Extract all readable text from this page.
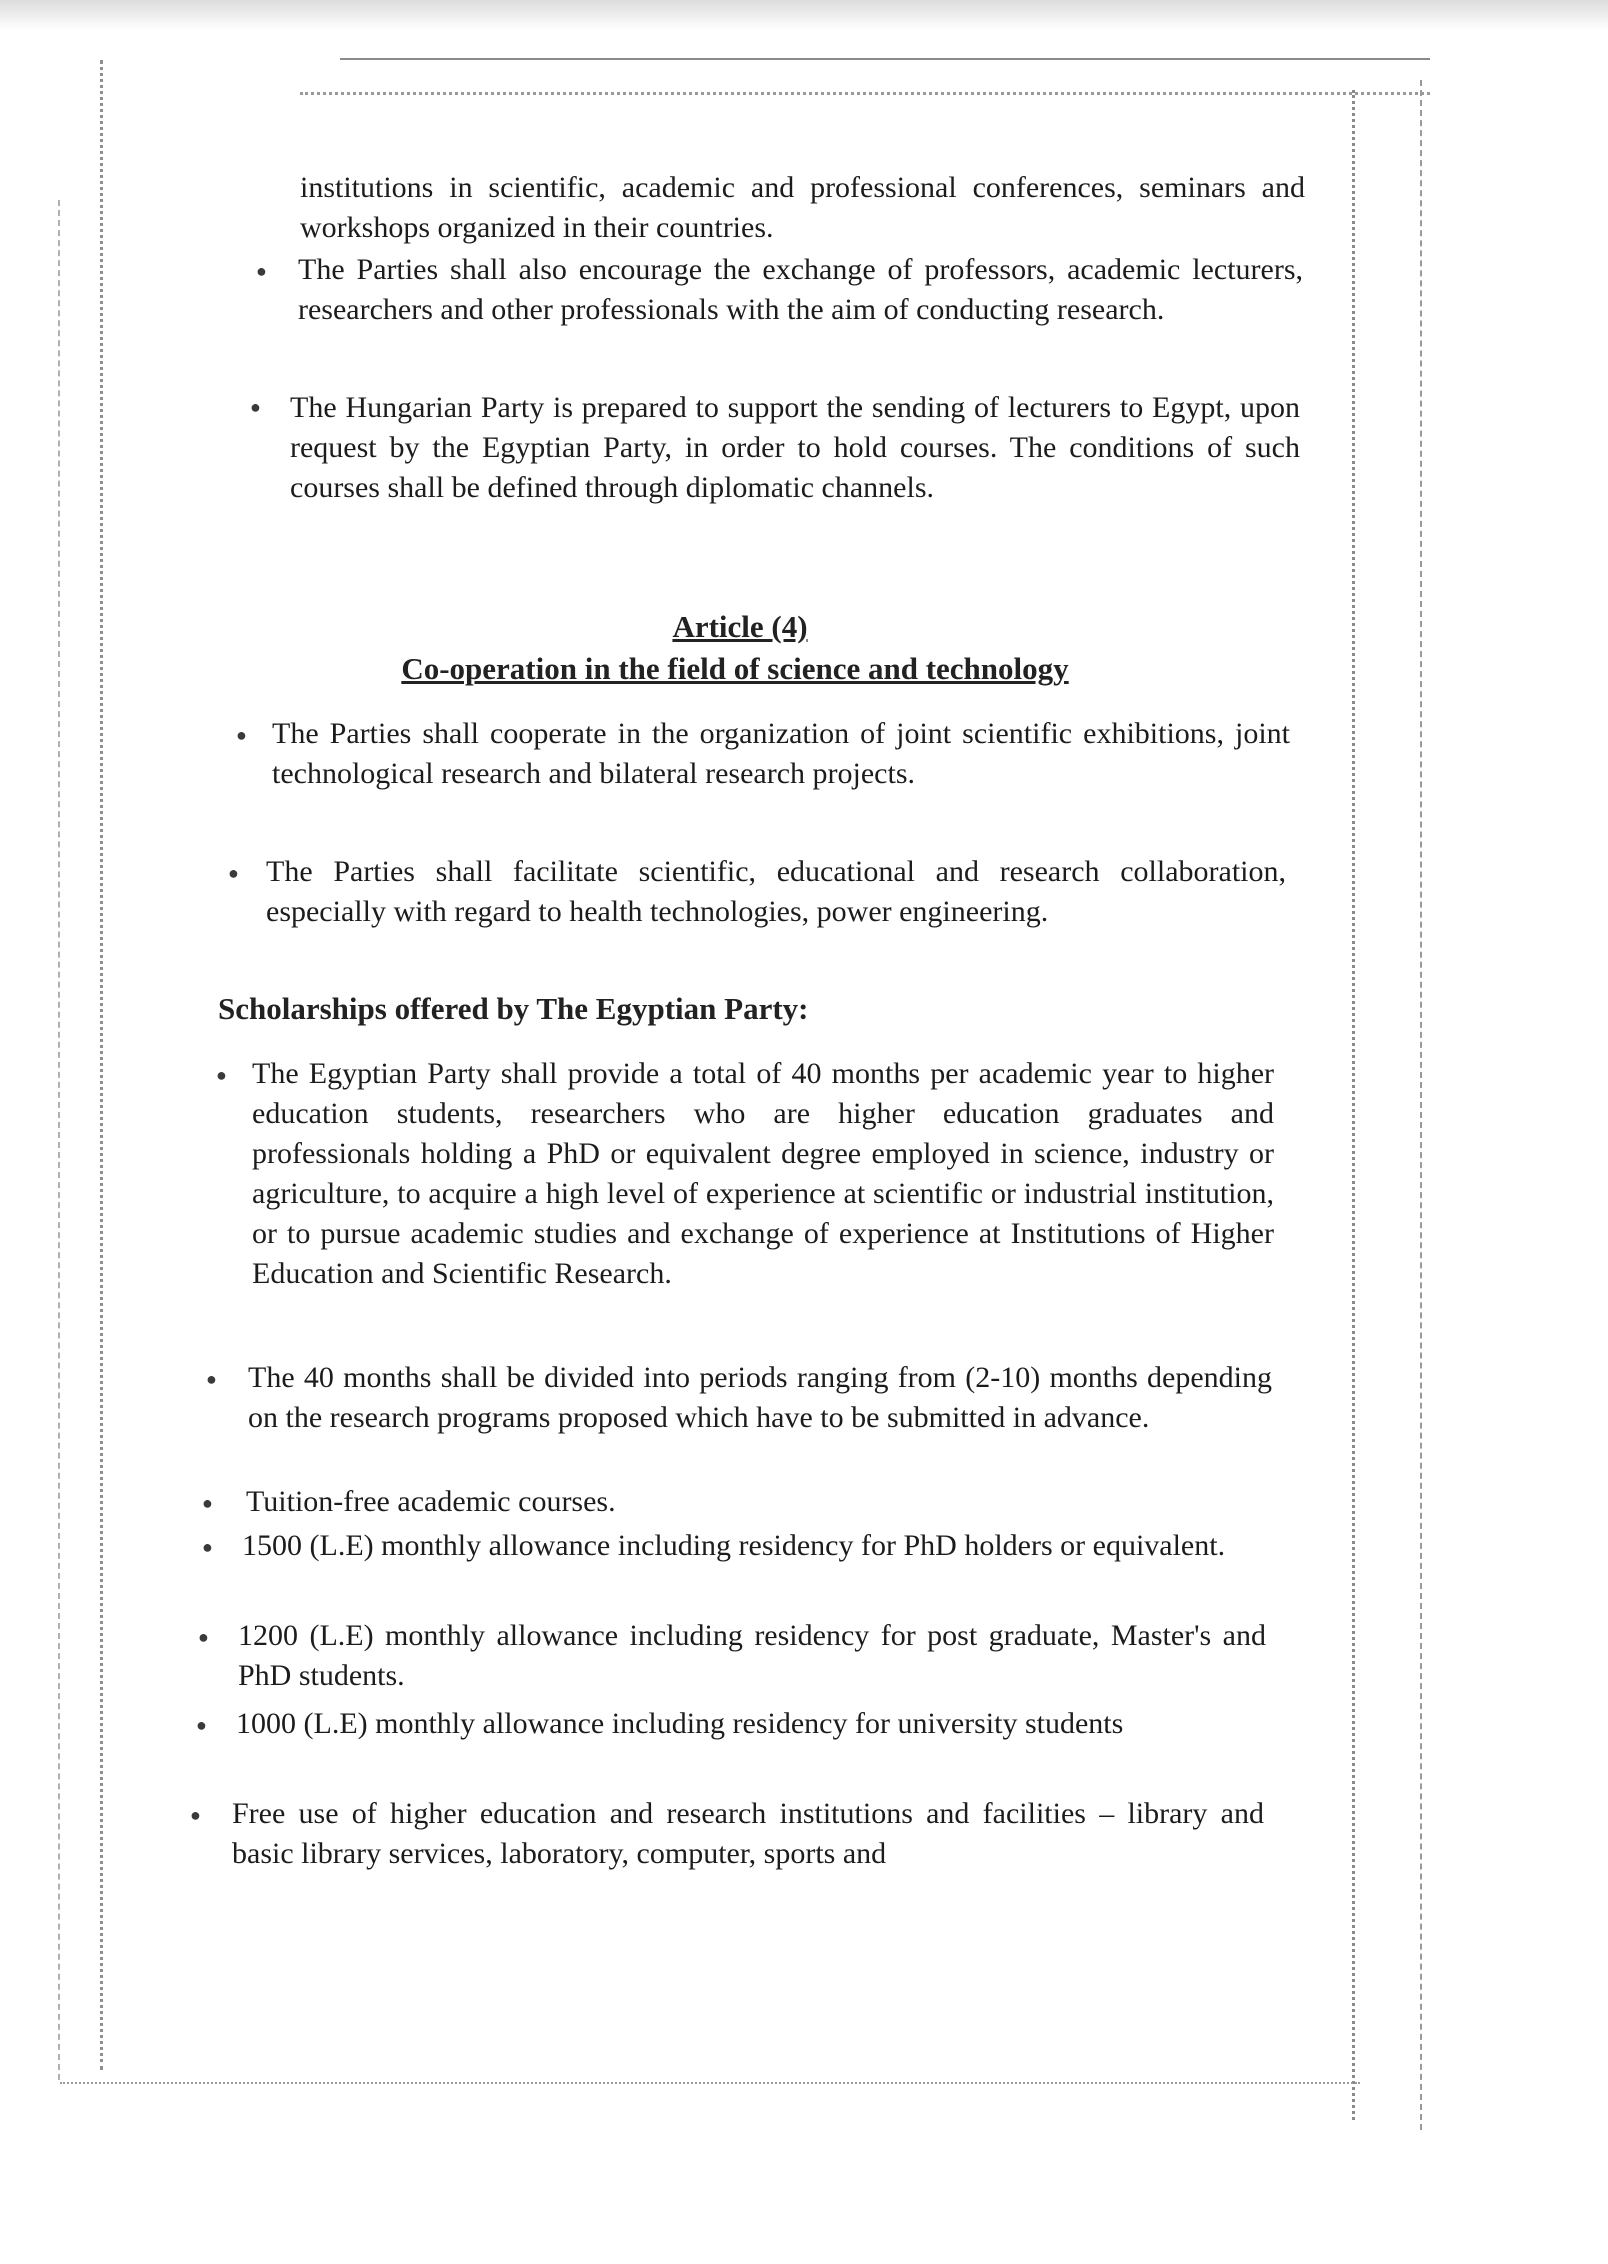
institutions in scientific, academic and professional conferences, seminars and workshops organized in their countries.
● The Parties shall also encourage the exchange of professors, academic lecturers, researchers and other professionals with the aim of conducting research.
● The Hungarian Party is prepared to support the sending of lecturers to Egypt, upon request by the Egyptian Party, in order to hold courses. The conditions of such courses shall be defined through diplomatic channels.
Article (4)
Co-operation in the field of science and technology
● The Parties shall cooperate in the organization of joint scientific exhibitions, joint technological research and bilateral research projects.
● The Parties shall facilitate scientific, educational and research collaboration, especially with regard to health technologies, power engineering.
Scholarships offered by The Egyptian Party:
● The Egyptian Party shall provide a total of 40 months per academic year to higher education students, researchers who are higher education graduates and professionals holding a PhD or equivalent degree employed in science, industry or agriculture, to acquire a high level of experience at scientific or industrial institution, or to pursue academic studies and exchange of experience at Institutions of Higher Education and Scientific Research.
● The 40 months shall be divided into periods ranging from (2-10) months depending on the research programs proposed which have to be submitted in advance.
● Tuition-free academic courses.
● 1500 (L.E) monthly allowance including residency for PhD holders or equivalent.
● 1200 (L.E) monthly allowance including residency for post graduate, Master's and PhD students.
● 1000 (L.E) monthly allowance including residency for university students
● Free use of higher education and research institutions and facilities – library and basic library services, laboratory, computer, sports and
